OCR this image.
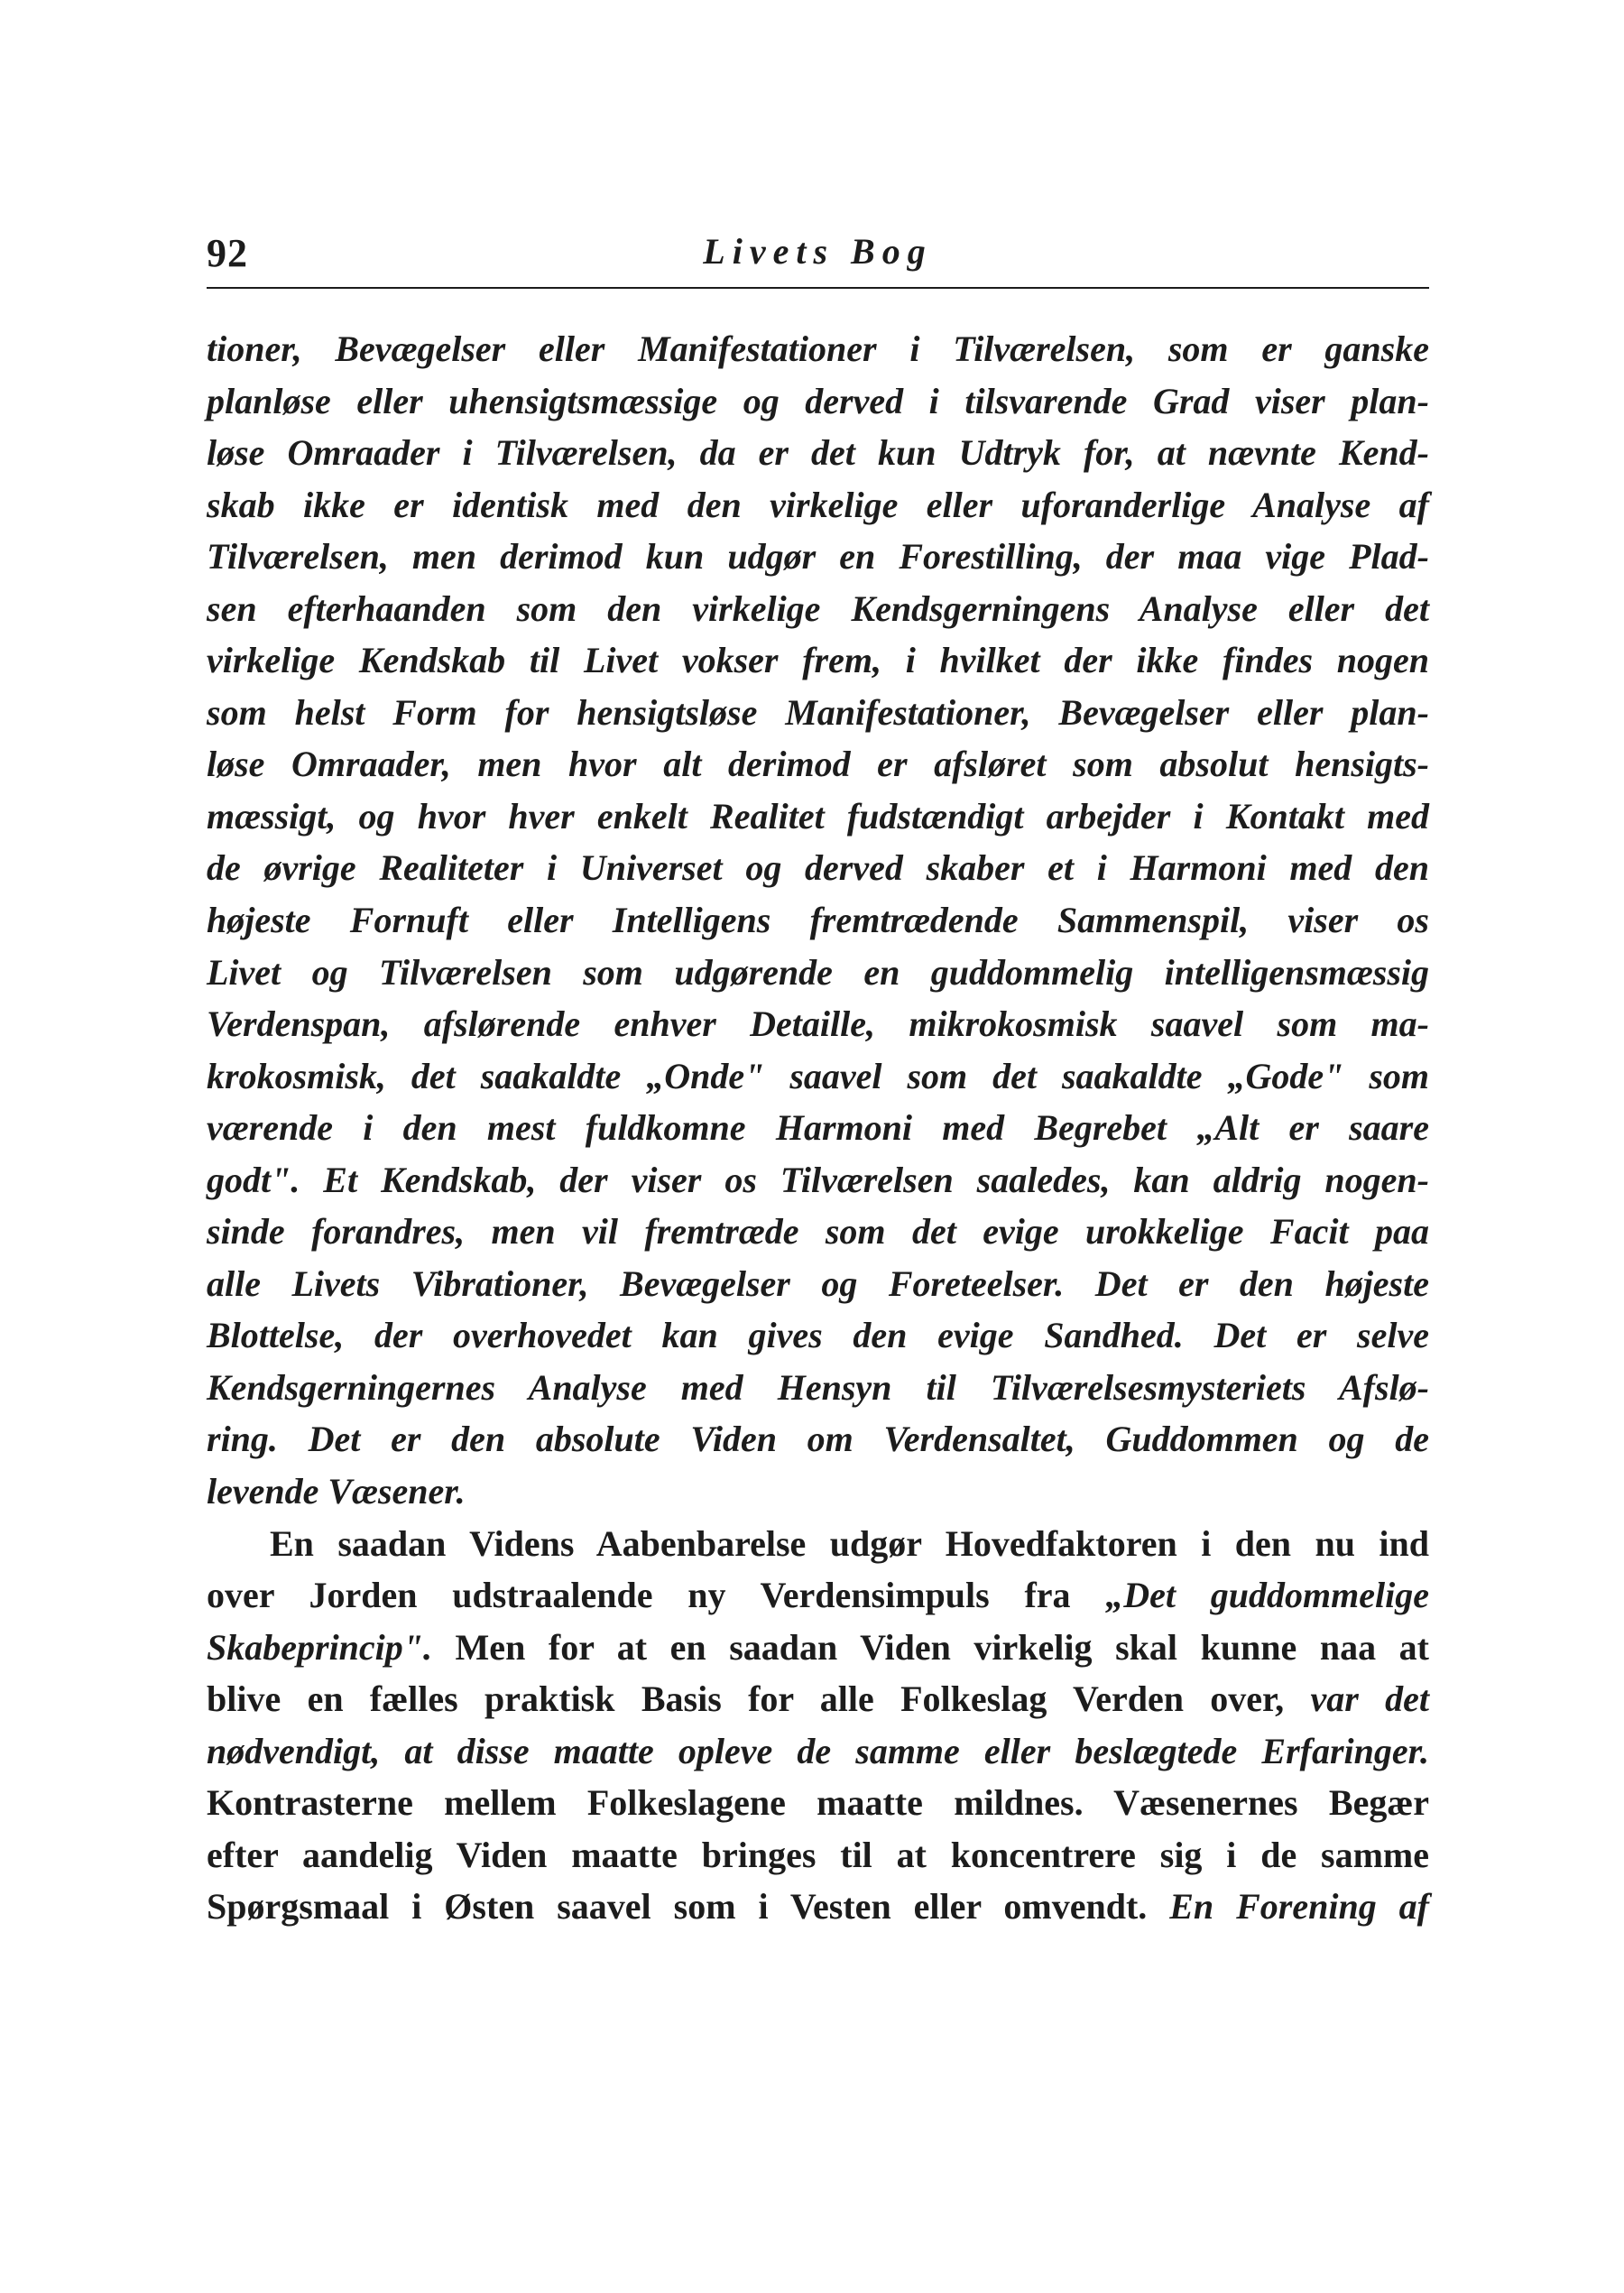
92	Livets Bog
tioner, Bevægelser eller Manifestationer i Tilværelsen, som er ganske
planløse eller uhensigtsmæssige og derved i tilsvarende Grad viser plan-
løse Omraader i Tilværelsen, da er det kun Udtryk for, at nævnte Kend-
skab ikke er identisk med den virkelige eller uforanderlige Analyse af
Tilværelsen, men derimod kun udgør en Forestilling, der maa vige Plad-
sen efterhaanden som den virkelige Kendsgerningens Analyse eller det
virkelige Kendskab til Livet vokser frem, i hvilket der ikke findes nogen
som helst Form for hensigtsløse Manifestationer, Bevægelser eller plan-
løse Omraader, men hvor alt derimod er afsløret som absolut hensigts-
mæssigt, og hvor hver enkelt Realitet fudstændigt arbejder i Kontakt med
de øvrige Realiteter i Universet og derved skaber et i Harmoni med den
højeste Fornuft eller Intelligens fremtrædende Sammenspil, viser os
Livet og Tilværelsen som udgørende en guddommelig intelligensmæssig
Verdenspan, afslørende enhver Detaille, mikrokosmisk saavel som ma-
krokosmisk, det saakaldte „Onde" saavel som det saakaldte „Gode" som
værende i den mest fuldkomne Harmoni med Begrebet „Alt er saare
godt". Et Kendskab, der viser os Tilværelsen saaledes, kan aldrig nogen-
sinde forandres, men vil fremtræde som det evige urokkelige Facit paa
alle Livets Vibrationer, Bevægelser og Foreteelser. Det er den højeste
Blottelse, der overhovedet kan gives den evige Sandhed. Det er selve
Kendsgerningernes Analyse med Hensyn til Tilværelsesmysteriets Afslø-
ring. Det er den absolute Viden om Verdensaltet, Guddommen og de
levende Væsener.
En saadan Videns Aabenbarelse udgør Hovedfaktoren i den nu ind
over Jorden udstraalende ny Verdensimpuls fra „Det guddommelige
Skabeprincip". Men for at en saadan Viden virkelig skal kunne naa at
blive en fælles praktisk Basis for alle Folkeslag Verden over, var det
nødvendigt, at disse maatte opleve de samme eller beslægtede Erfaringer.
Kontrasterne mellem Folkeslagene maatte mildnes. Væsenernes Begær
efter aandelig Viden maatte bringes til at koncentrere sig i de samme
Spørgsmaal i Østen saavel som i Vesten eller omvendt. En Forening af
